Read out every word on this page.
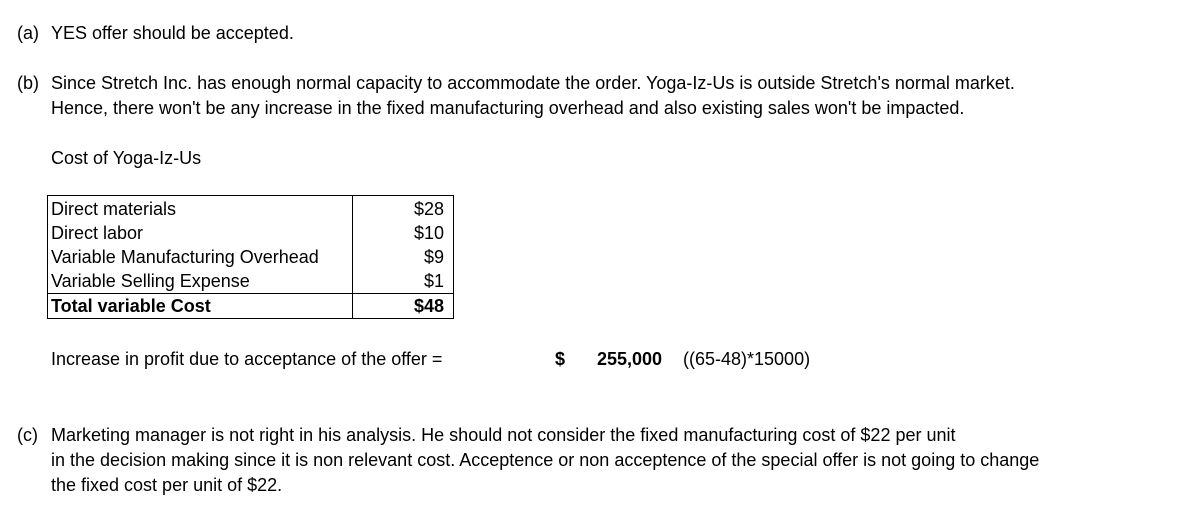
(a) YES offer should be accepted.
(b) Since Stretch Inc. has enough normal capacity to accommodate the order. Yoga-Iz-Us is outside Stretch's normal market.
Hence, there won't be any increase in the fixed manufacturing overhead and also existing sales won't be impacted.
Cost of Yoga-Iz-Us
Direct materials	$28
Direct labor	$10
Variable Manufacturing Overhead	$9
Variable Selling Expense	$1
Total variable Cost	$48
Increase in profit due to acceptance of the offer =	$ 255,000 ((65-48)*15000)
(c) Marketing manager is not right in his analysis. He should not consider the fixed manufacturing cost of $22 per unit
in the decision making since it is non relevant cost. Acceptence or non acceptence of the special offer is not going to change
the fixed cost per unit of $22.
